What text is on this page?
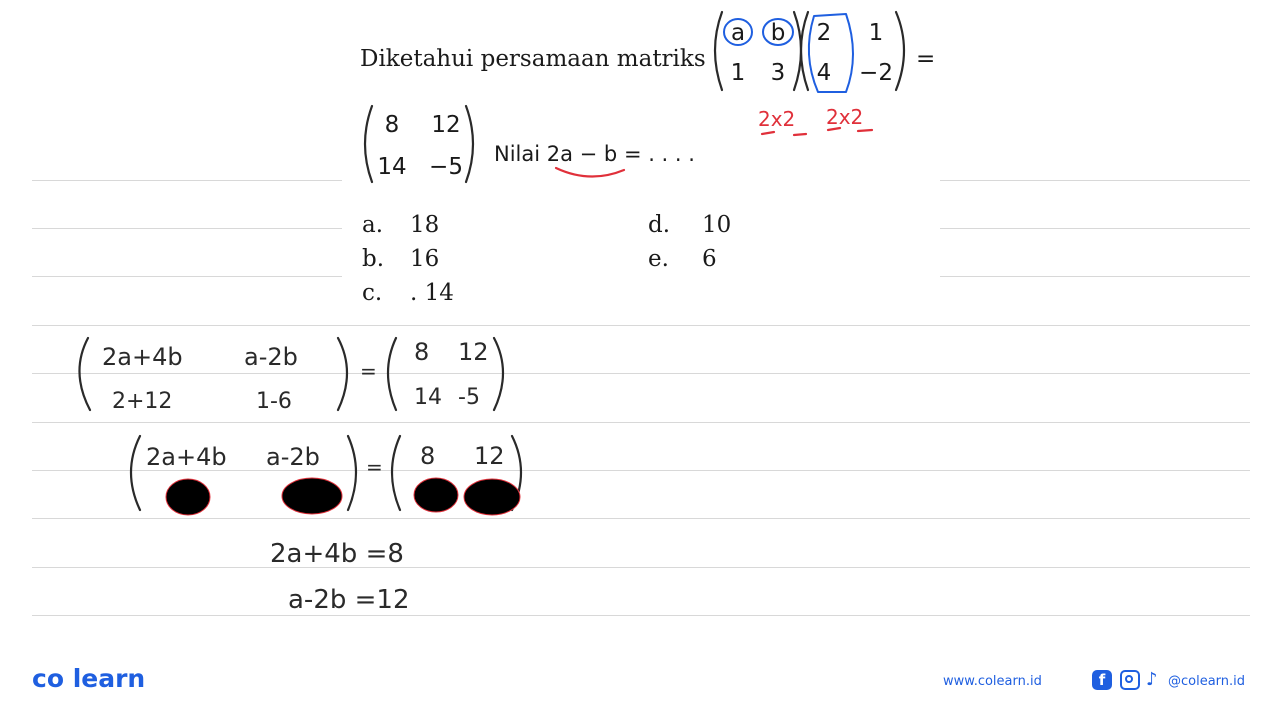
Diketahui persamaan matriks	=
Nilai 2a − b = . . . .
a	b
1	3
2	1
4	−2
8	12
14 −5
a. 18
b. 16
c. . 14
d. 10
e. 6
2x2 2x2
2a+4b	a-2b
2+12	1-6
=
8 12
14 -5
2a+4b a-2b = 8 12
2a+4b =8
a-2b =12
co learn	www.colearn.id	f	♪ @colearn.id
